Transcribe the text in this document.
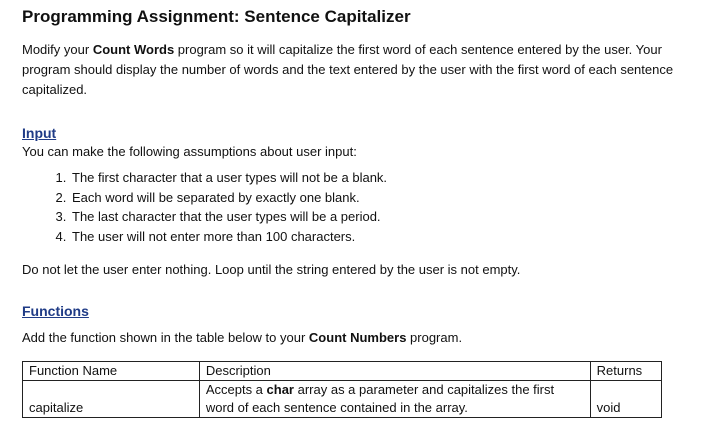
Programming Assignment: Sentence Capitalizer

Modify your Count Words program so it will capitalize the first word of each sentence entered by the user. Your program should display the number of words and the text entered by the user with the first word of each sentence capitalized.

Input

You can make the following assumptions about user input:

1. The first character that a user types will not be a blank.
2. Each word will be separated by exactly one blank.
3. The last character that the user types will be a period.
4. The user will not enter more than 100 characters.

Do not let the user enter nothing. Loop until the string entered by the user is not empty.

Functions

Add the function shown in the table below to your Count Numbers program.

Function Name	Description	Returns
capitalize	Accepts a char array as a parameter and capitalizes the first word of each sentence contained in the array.	void
